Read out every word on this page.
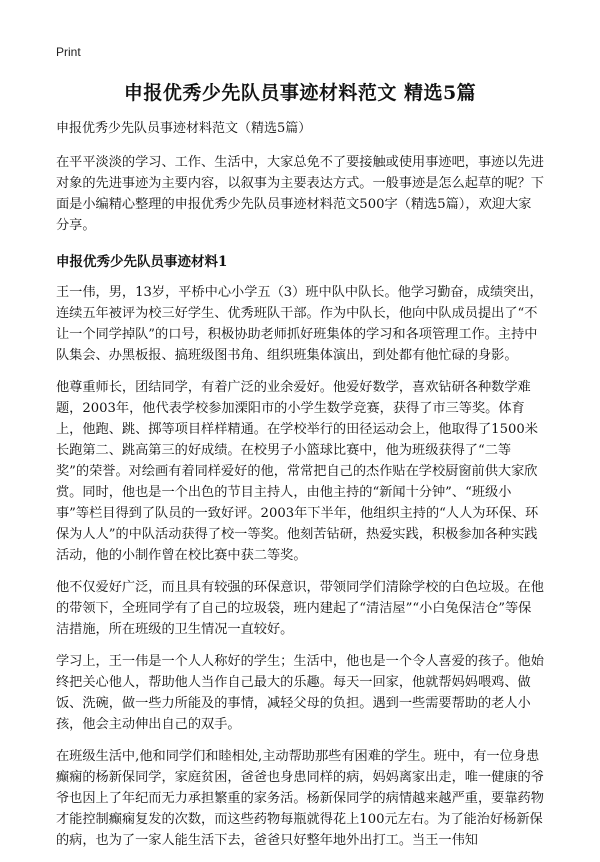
Print
申报优秀少先队员事迹材料范文 精选5篇
申报优秀少先队员事迹材料范文（精选5篇）

在平平淡淡的学习、工作、生活中，大家总免不了要接触或使用事迹吧，事迹以先进对象的先进事迹为主要内容，以叙事为主要表达方式。一般事迹是怎么起草的呢？下面是小编精心整理的申报优秀少先队员事迹材料范文500字（精选5篇），欢迎大家分享。

申报优秀少先队员事迹材料1

王一伟，男，13岁，平桥中心小学五（3）班中队中队长。他学习勤奋，成绩突出，连续五年被评为校三好学生、优秀班队干部。作为中队长，他向中队成员提出了“不让一个同学掉队”的口号，积极协助老师抓好班集体的学习和各项管理工作。主持中队集会、办黑板报、搞班级图书角、组织班集体演出，到处都有他忙碌的身影。

他尊重师长，团结同学，有着广泛的业余爱好。他爱好数学，喜欢钻研各种数学难题，2003年，他代表学校参加溧阳市的小学生数学竞赛，获得了市三等奖。体育上，他跑、跳、掷等项目样样精通。在学校举行的田径运动会上，他取得了1500米长跑第二、跳高第三的好成绩。在校男子小篮球比赛中，他为班级获得了“二等奖”的荣誉。对绘画有着同样爱好的他，常常把自己的杰作贴在学校厨窗前供大家欣赏。同时，他也是一个出色的节目主持人，由他主持的“新闻十分钟”、“班级小事”等栏目得到了队员的一致好评。2003年下半年，他组织主持的“人人为环保、环保为人人”的中队活动获得了校一等奖。他刻苦钻研，热爱实践，积极参加各种实践活动，他的小制作曾在校比赛中获二等奖。

他不仅爱好广泛，而且具有较强的环保意识，带领同学们清除学校的白色垃圾。在他的带领下，全班同学有了自己的垃圾袋，班内建起了“清洁屋”“小白兔保洁仓”等保洁措施，所在班级的卫生情况一直较好。

学习上，王一伟是一个人人称好的学生；生活中，他也是一个令人喜爱的孩子。他始终把关心他人，帮助他人当作自己最大的乐趣。每天一回家，他就帮妈妈喂鸡、做饭、洗碗，做一些力所能及的事情，减轻父母的负担。遇到一些需要帮助的老人小孩，他会主动伸出自己的双手。

在班级生活中,他和同学们和睦相处,主动帮助那些有困难的学生。班中，有一位身患癫痫的杨新保同学，家庭贫困，爸爸也身患同样的病，妈妈离家出走，唯一健康的爷爷也因上了年纪而无力承担繁重的家务活。杨新保同学的病情越来越严重，要靠药物才能控制癫痫复发的次数，而这些药物每瓶就得花上100元左右。为了能治好杨新保的病，也为了一家人能生活下去，爸爸只好整年地外出打工。当王一伟知
